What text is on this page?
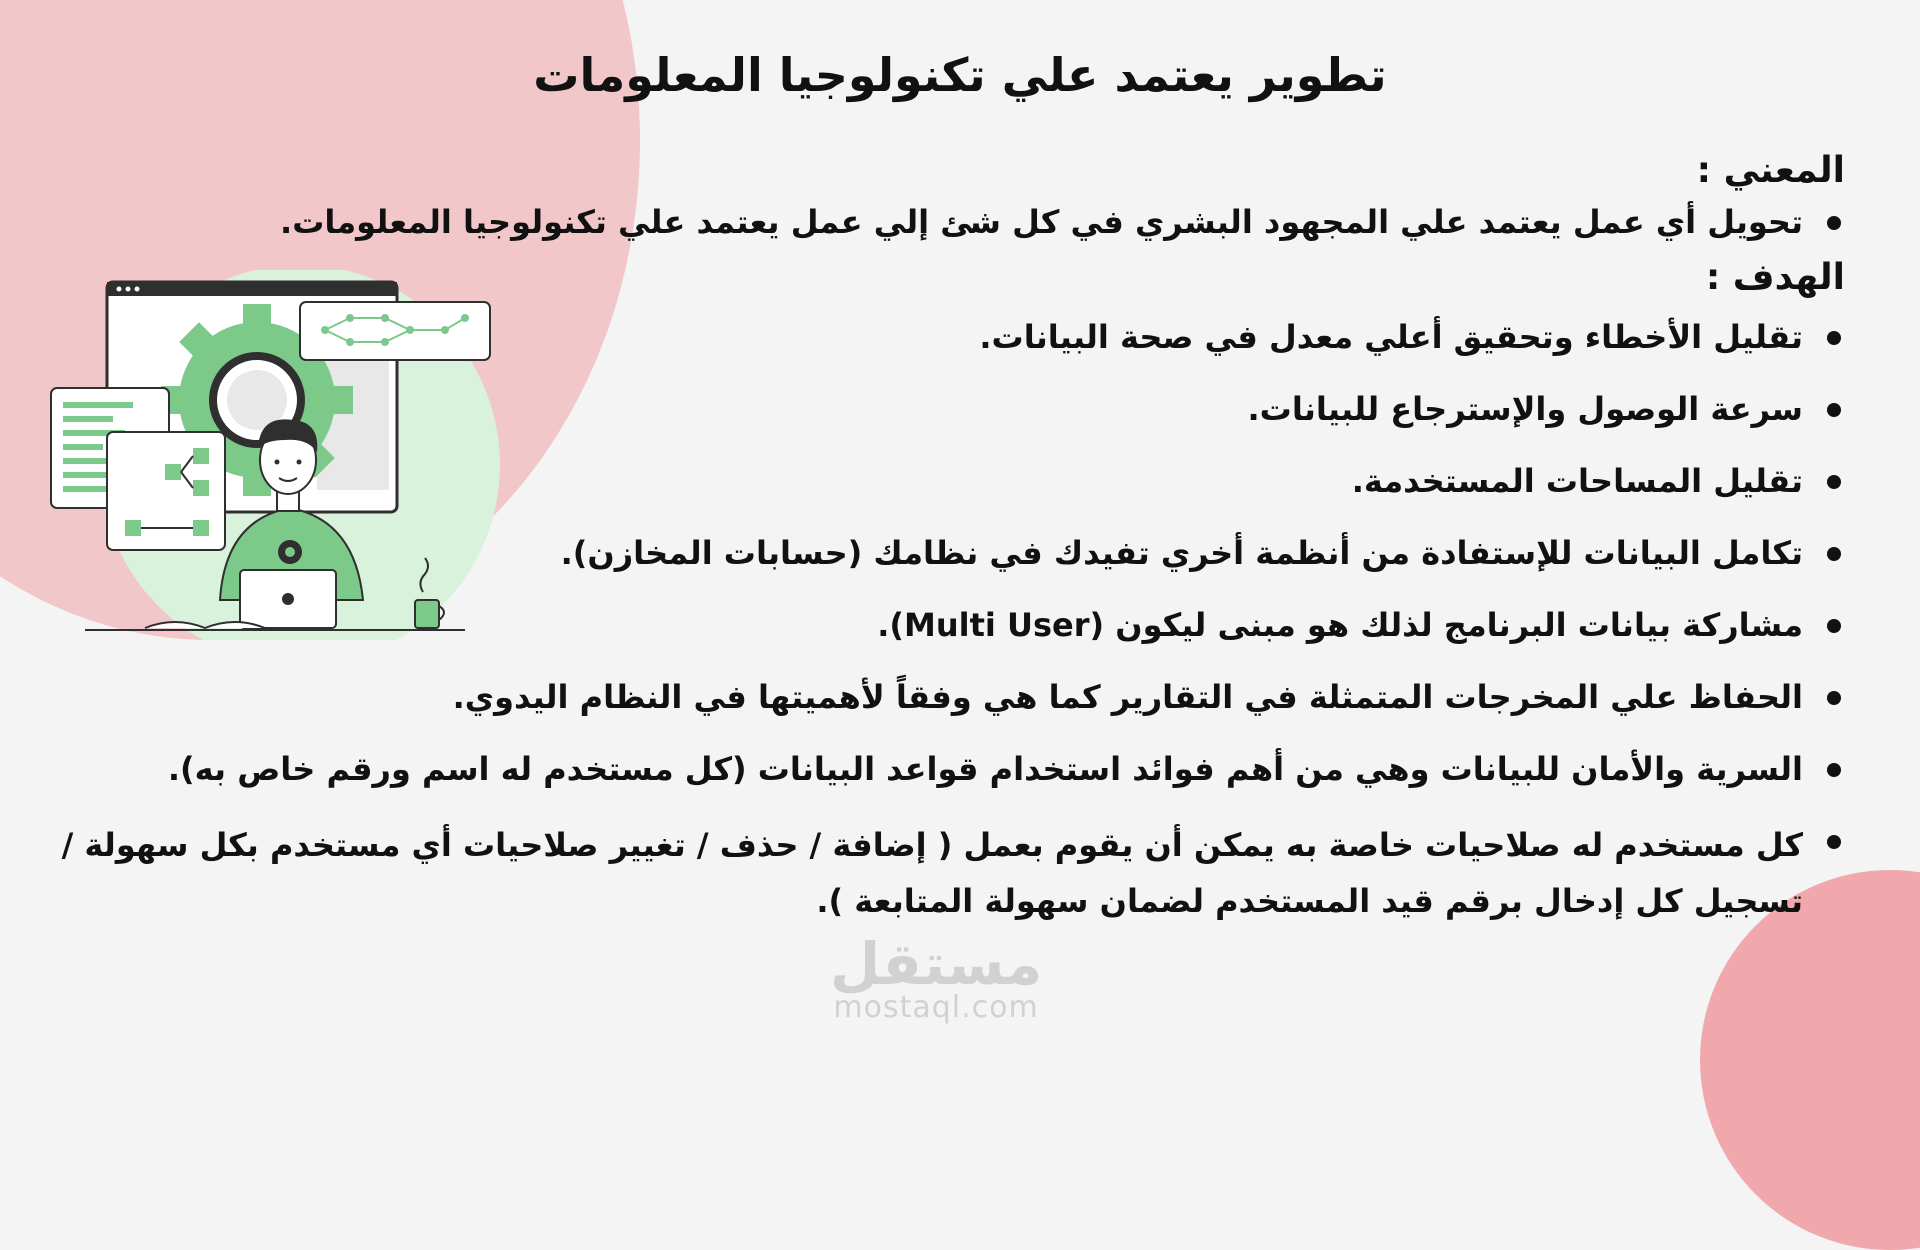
تطوير يعتمد علي تكنولوجيا المعلومات
المعني :
تحويل أي عمل يعتمد علي المجهود البشري في كل شئ إلي عمل يعتمد علي تكنولوجيا المعلومات.
الهدف :
تقليل الأخطاء وتحقيق أعلي معدل في صحة البيانات.
سرعة الوصول والإسترجاع للبيانات.
تقليل المساحات المستخدمة.
تكامل البيانات للإستفادة من أنظمة أخري تفيدك في نظامك (حسابات المخازن).
مشاركة بيانات البرنامج لذلك هو مبنى ليكون (Multi User).
الحفاظ علي المخرجات المتمثلة في التقارير كما هي وفقاً لأهميتها في النظام اليدوي.
السرية والأمان للبيانات وهي من أهم فوائد استخدام قواعد البيانات (كل مستخدم له اسم ورقم خاص به).
كل مستخدم له صلاحيات خاصة به يمكن أن يقوم بعمل ( إضافة / حذف / تغيير صلاحيات أي مستخدم بكل سهولة / تسجيل كل إدخال برقم قيد المستخدم لضمان سهولة المتابعة ).
مستقل
mostaql.com
